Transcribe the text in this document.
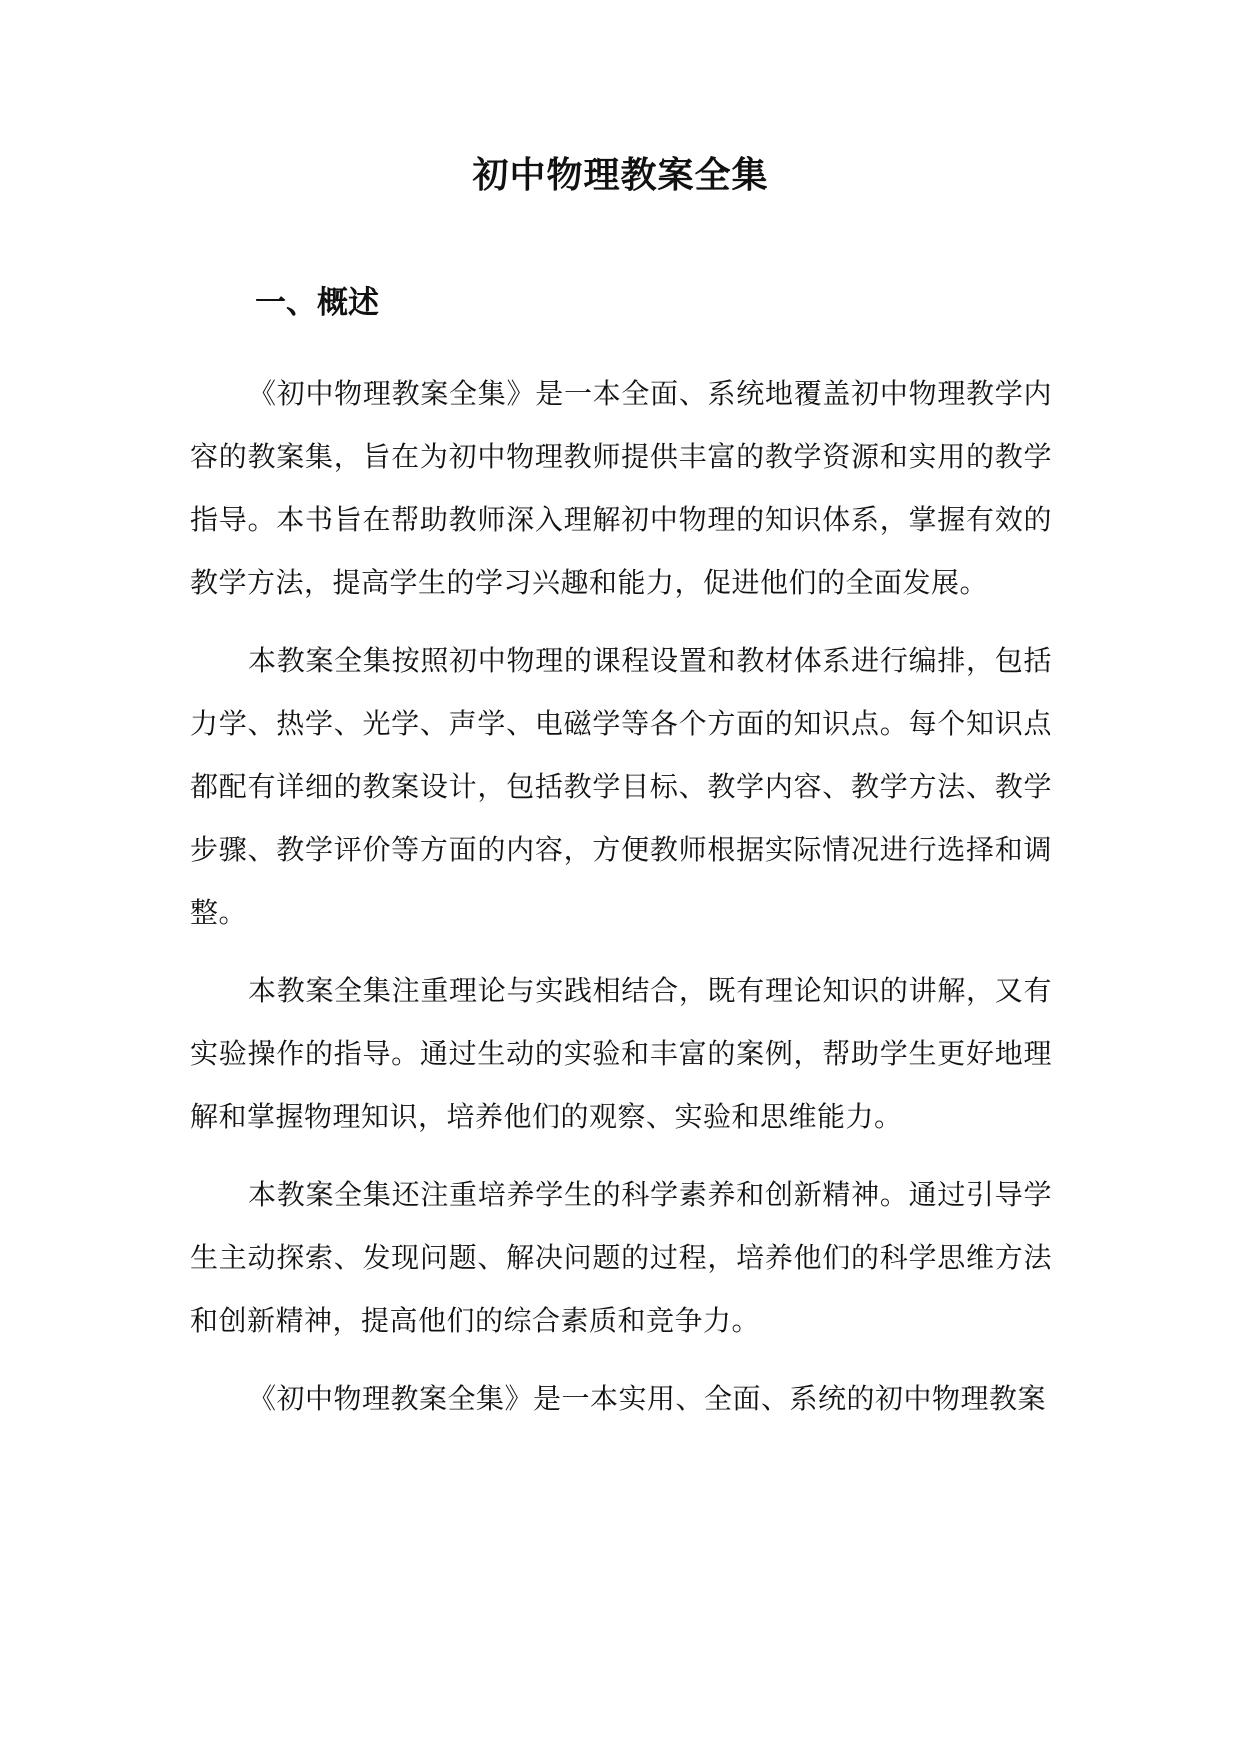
初中物理教案全集
一、概述

《初中物理教案全集》是一本全面、系统地覆盖初中物理教学内容的教案集，旨在为初中物理教师提供丰富的教学资源和实用的教学指导。本书旨在帮助教师深入理解初中物理的知识体系，掌握有效的教学方法，提高学生的学习兴趣和能力，促进他们的全面发展。

本教案全集按照初中物理的课程设置和教材体系进行编排，包括力学、热学、光学、声学、电磁学等各个方面的知识点。每个知识点都配有详细的教案设计，包括教学目标、教学内容、教学方法、教学步骤、教学评价等方面的内容，方便教师根据实际情况进行选择和调整。

本教案全集注重理论与实践相结合，既有理论知识的讲解，又有实验操作的指导。通过生动的实验和丰富的案例，帮助学生更好地理解和掌握物理知识，培养他们的观察、实验和思维能力。

本教案全集还注重培养学生的科学素养和创新精神。通过引导学生主动探索、发现问题、解决问题的过程，培养他们的科学思维方法和创新精神，提高他们的综合素质和竞争力。

《初中物理教案全集》是一本实用、全面、系统的初中物理教案
